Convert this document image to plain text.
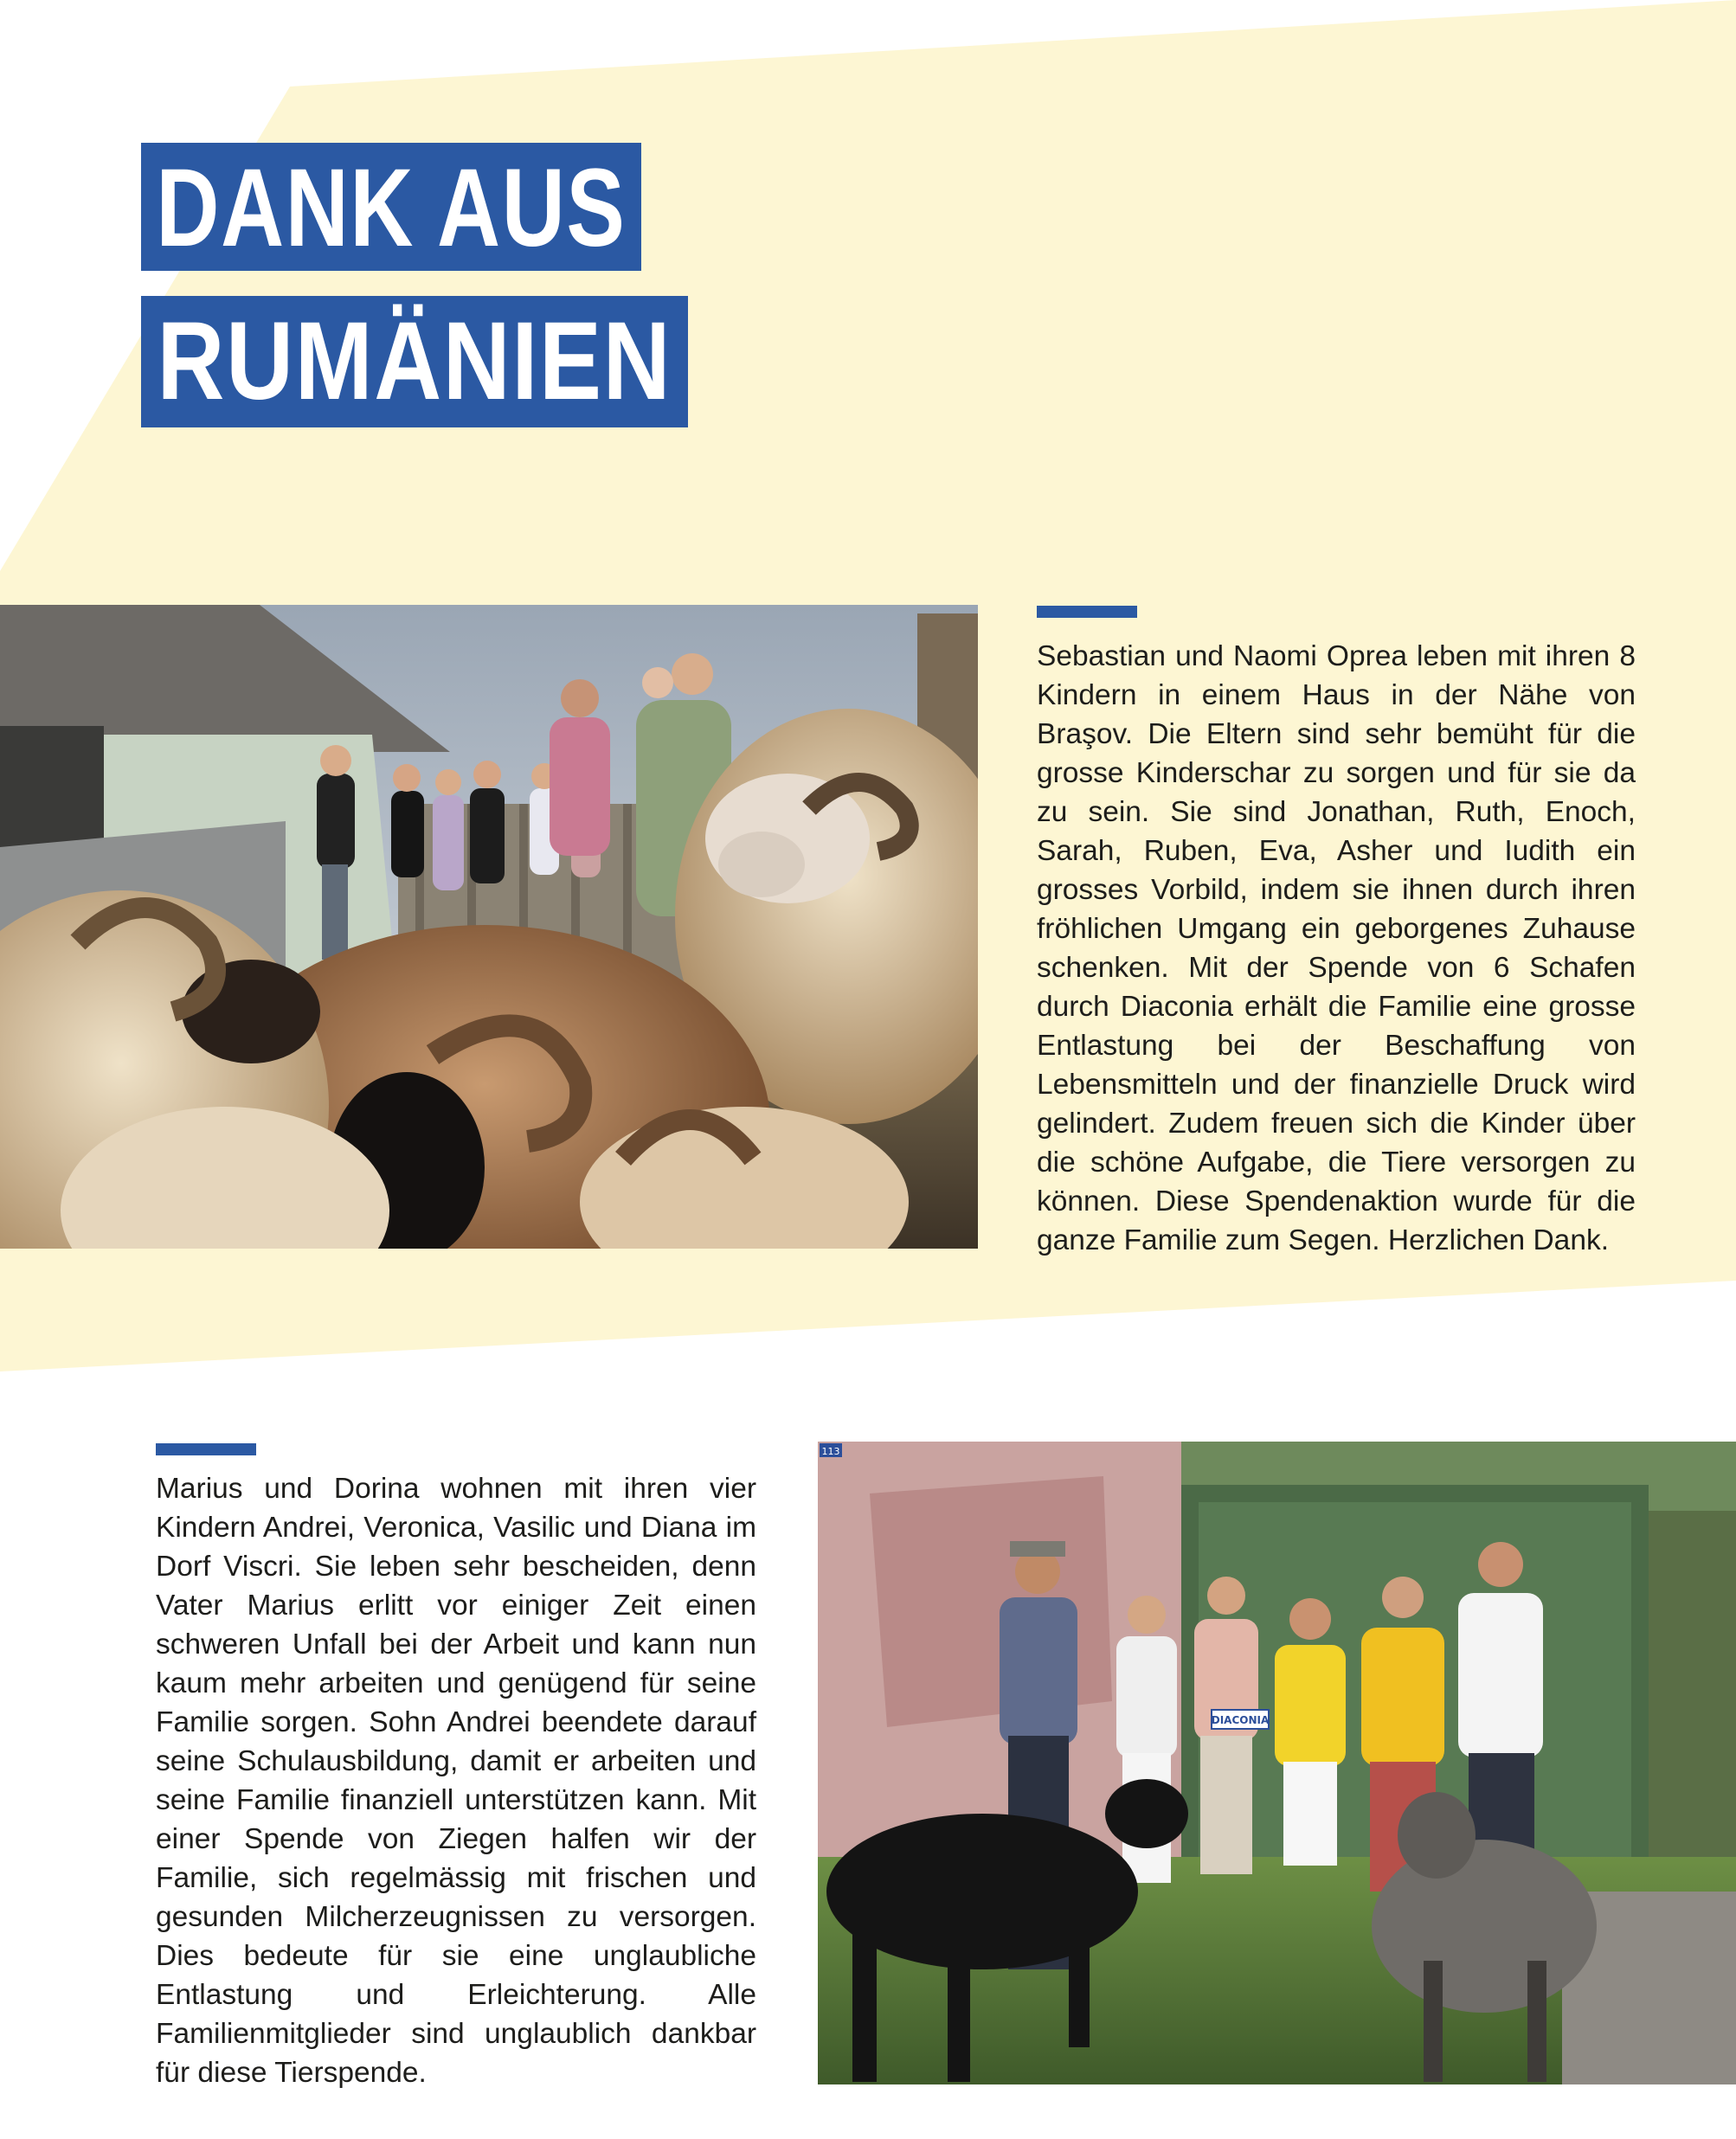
DANK AUS
RUMÄNIEN
Sebastian und Naomi Oprea leben mit ihren 8 Kindern in einem Haus in der Nähe von Braşov. Die Eltern sind sehr bemüht für die grosse Kinderschar zu sorgen und für sie da zu sein. Sie sind Jonathan, Ruth, Enoch, Sarah, Ruben, Eva, Asher und Iudith ein grosses Vorbild, indem sie ihnen durch ihren fröhlichen Umgang ein geborgenes Zuhause schenken. Mit der Spende von 6 Schafen durch Diaconia erhält die Familie eine grosse Entlastung bei der Beschaffung von Lebensmitteln und der finanzielle Druck wird gelindert. Zudem freuen sich die Kinder über die schöne Aufgabe, die Tiere versorgen zu können. Diese Spendenaktion wurde für die ganze Familie zum Segen. Herzlichen Dank.
Marius und Dorina wohnen mit ihren vier Kindern Andrei, Veronica, Vasilic und Diana im Dorf Viscri. Sie leben sehr bescheiden, denn Vater Marius erlitt vor einiger Zeit einen schweren Unfall bei der Arbeit und kann nun kaum mehr arbeiten und genügend für seine Familie sorgen. Sohn Andrei beendete darauf seine Schulausbildung, damit er arbeiten und seine Familie finanziell unterstützen kann. Mit einer Spende von Ziegen halfen wir der Familie, sich regelmässig mit frischen und gesunden Milcherzeugnissen zu versorgen. Dies bedeute für sie eine unglaubliche Entlastung und Erleichterung. Alle Familienmitglieder sind unglaublich dankbar für diese Tierspende.
113
DIACONIA
